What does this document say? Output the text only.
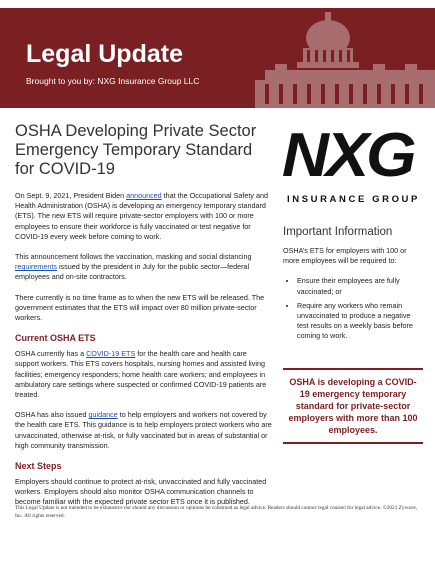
Legal Update
Brought to you by: NXG Insurance Group LLC
OSHA Developing Private Sector Emergency Temporary Standard for COVID-19

On Sept. 9, 2021, President Biden announced that the Occupational Safety and Health Administration (OSHA) is developing an emergency temporary standard (ETS). The new ETS will require private-sector employers with 100 or more employees to ensure their workforce is fully vaccinated or test negative for COVID-19 every week before coming to work.

This announcement follows the vaccination, masking and social distancing requirements issued by the president in July for the public sector—federal employees and on-site contractors.

There currently is no time frame as to when the new ETS will be released. The government estimates that the ETS will impact over 80 million private-sector workers.

Current OSHA ETS

OSHA currently has a COVID-19 ETS for the health care and health care support workers. This ETS covers hospitals, nursing homes and assisted living facilities; emergency responders; home health care workers; and employees in ambulatory care settings where suspected or confirmed COVID-19 patients are treated.

OSHA has also issued guidance to help employers and workers not covered by the health care ETS. This guidance is to help employers protect workers who are unvaccinated, otherwise at-risk, or fully vaccinated but in areas of substantial or high community transmission.

Next Steps

Employers should continue to protect at-risk, unvaccinated and fully vaccinated workers. Employers should also monitor OSHA communication channels to become familiar with the expected private sector ETS once it is published.

NXG
INSURANCE GROUP
Important Information

OSHA’s ETS for employers with 100 or more employees will be required to:

• Ensure their employees are fully vaccinated; or
• Require any workers who remain unvaccinated to produce a negative test results on a weekly basis before coming to work.
OSHA is developing a COVID-19 emergency temporary standard for private-sector employers with more than 100 employees.
This Legal Update is not intended to be exhaustive nor should any discussion or opinions be construed as legal advice. Readers should contact legal counsel for legal advice. ©2021 Zywave, Inc. All rights reserved.
